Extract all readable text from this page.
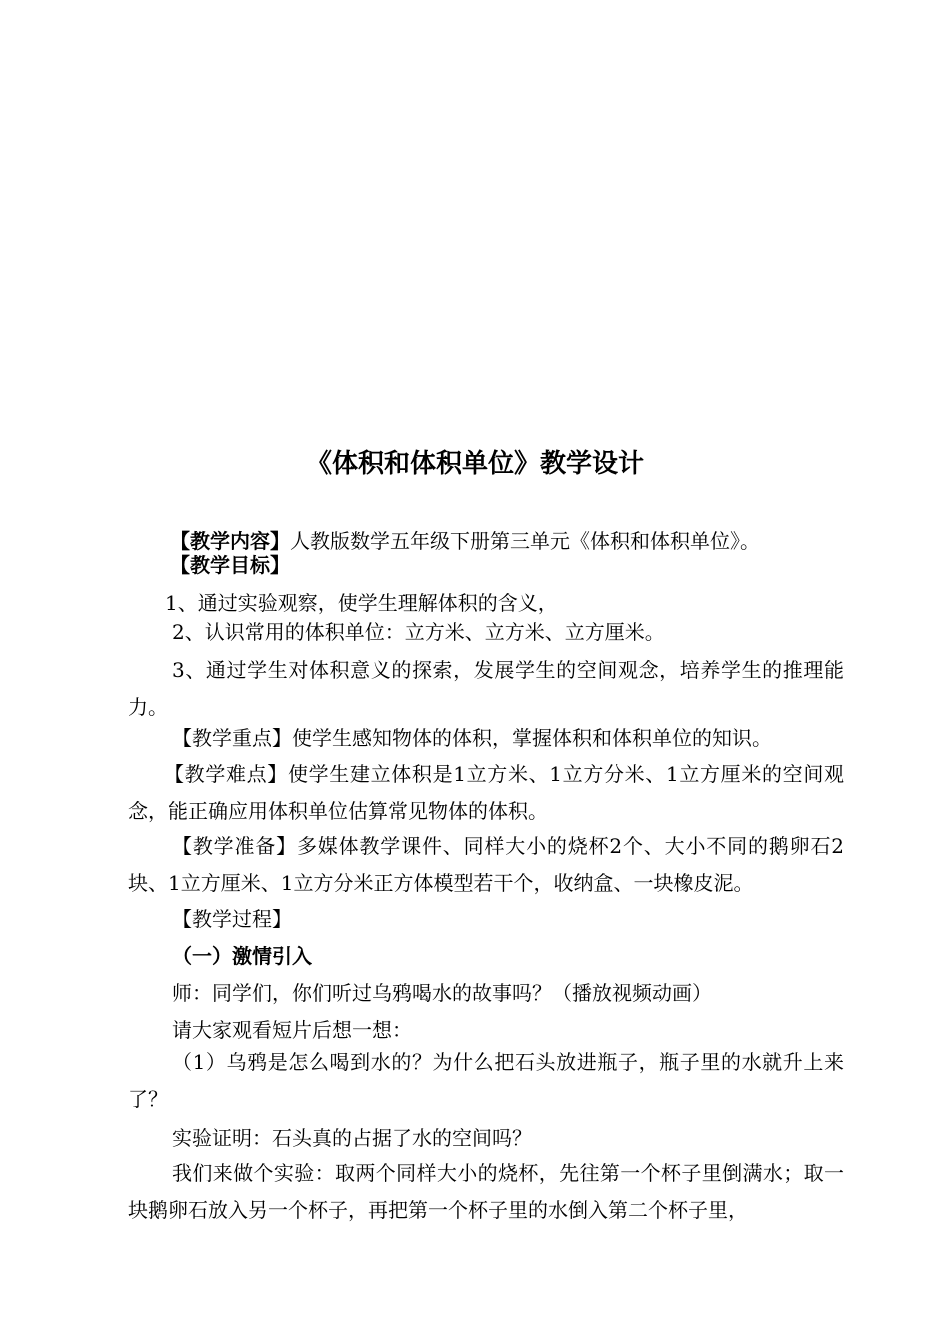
《体积和体积单位》教学设计
【教学内容】人教版数学五年级下册第三单元《体积和体积单位》。
【教学目标】
1、通过实验观察，使学生理解体积的含义，
2、认识常用的体积单位：立方米、立方米、立方厘米。
3、通过学生对体积意义的探索，发展学生的空间观念，培养学生的推理能力。
【教学重点】使学生感知物体的体积，掌握体积和体积单位的知识。
【教学难点】使学生建立体积是1立方米、1立方分米、1立方厘米的空间观念，能正确应用体积单位估算常见物体的体积。
【教学准备】多媒体教学课件、同样大小的烧杯2个、大小不同的鹅卵石2块、1立方厘米、1立方分米正方体模型若干个，收纳盒、一块橡皮泥。
【教学过程】
（一）激情引入
师：同学们，你们听过乌鸦喝水的故事吗？（播放视频动画）
请大家观看短片后想一想：
（1）乌鸦是怎么喝到水的？为什么把石头放进瓶子，瓶子里的水就升上来了？
实验证明：石头真的占据了水的空间吗？
我们来做个实验：取两个同样大小的烧杯，先往第一个杯子里倒满水；取一块鹅卵石放入另一个杯子，再把第一个杯子里的水倒入第二个杯子里，
